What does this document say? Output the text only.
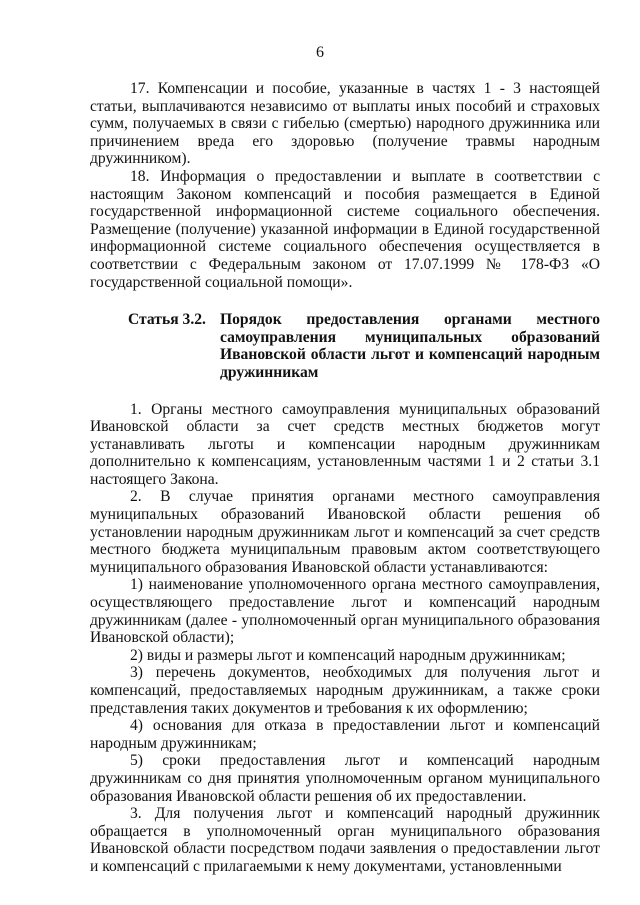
6

17. Компенсации и пособие, указанные в частях 1 - 3 настоящей статьи, выплачиваются независимо от выплаты иных пособий и страховых сумм, получаемых в связи с гибелью (смертью) народного дружинника или причинением вреда его здоровью (получение травмы народным дружинником).

18. Информация о предоставлении и выплате в соответствии с настоящим Законом компенсаций и пособия размещается в Единой государственной информационной системе социального обеспечения. Размещение (получение) указанной информации в Единой государственной информационной системе социального обеспечения осуществляется в соответствии с Федеральным законом от 17.07.1999 № 178-ФЗ «О государственной социальной помощи».

Статья 3.2. Порядок предоставления органами местного самоуправления муниципальных образований Ивановской области льгот и компенсаций народным дружинникам

1. Органы местного самоуправления муниципальных образований Ивановской области за счет средств местных бюджетов могут устанавливать льготы и компенсации народным дружинникам дополнительно к компенсациям, установленным частями 1 и 2 статьи 3.1 настоящего Закона.

2. В случае принятия органами местного самоуправления муниципальных образований Ивановской области решения об установлении народным дружинникам льгот и компенсаций за счет средств местного бюджета муниципальным правовым актом соответствующего муниципального образования Ивановской области устанавливаются:

1) наименование уполномоченного органа местного самоуправления, осуществляющего предоставление льгот и компенсаций народным дружинникам (далее - уполномоченный орган муниципального образования Ивановской области);

2) виды и размеры льгот и компенсаций народным дружинникам;

3) перечень документов, необходимых для получения льгот и компенсаций, предоставляемых народным дружинникам, а также сроки представления таких документов и требования к их оформлению;

4) основания для отказа в предоставлении льгот и компенсаций народным дружинникам;

5) сроки предоставления льгот и компенсаций народным дружинникам со дня принятия уполномоченным органом муниципального образования Ивановской области решения об их предоставлении.

3. Для получения льгот и компенсаций народный дружинник обращается в уполномоченный орган муниципального образования Ивановской области посредством подачи заявления о предоставлении льгот и компенсаций с прилагаемыми к нему документами, установленными
